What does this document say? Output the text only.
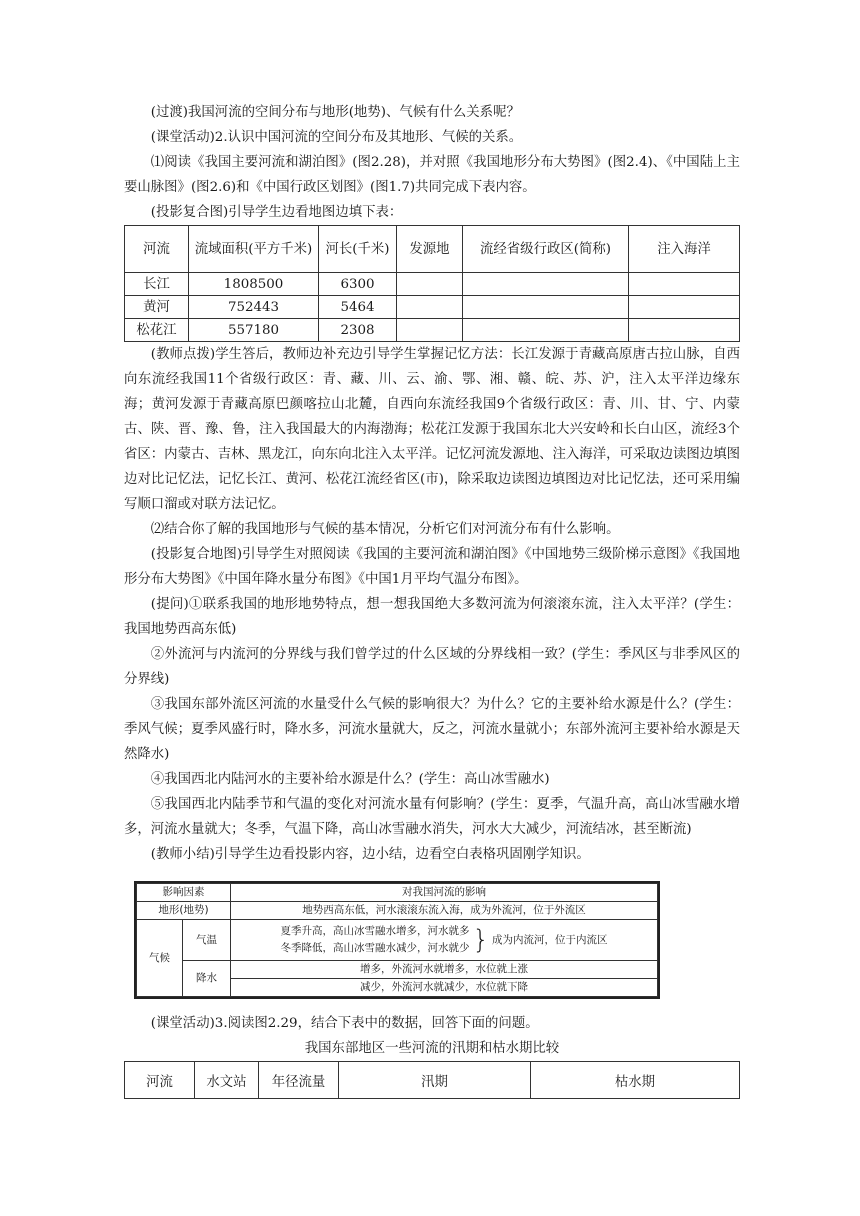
(过渡)我国河流的空间分布与地形(地势)、气候有什么关系呢？

(课堂活动)2.认识中国河流的空间分布及其地形、气候的关系。

⑴阅读《我国主要河流和湖泊图》(图2.28)，并对照《我国地形分布大势图》(图2.4)、《中国陆上主要山脉图》(图2.6)和《中国行政区划图》(图1.7)共同完成下表内容。

(投影复合图)引导学生边看地图边填下表：

河流	流域面积(平方千米)	河长(千米)	发源地	流经省级行政区(简称)	注入海洋
长江	1808500	6300			
黄河	752443	5464			
松花江	557180	2308			

(教师点拨)学生答后，教师边补充边引导学生掌握记忆方法：长江发源于青藏高原唐古拉山脉，自西向东流经我国11个省级行政区：青、藏、川、云、渝、鄂、湘、赣、皖、苏、沪，注入太平洋边缘东海；黄河发源于青藏高原巴颜喀拉山北麓，自西向东流经我国9个省级行政区：青、川、甘、宁、内蒙古、陕、晋、豫、鲁，注入我国最大的内海渤海；松花江发源于我国东北大兴安岭和长白山区，流经3个省区：内蒙古、吉林、黑龙江，向东向北注入太平洋。记忆河流发源地、注入海洋，可采取边读图边填图边对比记忆法，记忆长江、黄河、松花江流经省区(市)，除采取边读图边填图边对比记忆法，还可采用编写顺口溜或对联方法记忆。

⑵结合你了解的我国地形与气候的基本情况，分析它们对河流分布有什么影响。

(投影复合地图)引导学生对照阅读《我国的主要河流和湖泊图》《中国地势三级阶梯示意图》《我国地形分布大势图》《中国年降水量分布图》《中国1月平均气温分布图》。

(提问)①联系我国的地形地势特点，想一想我国绝大多数河流为何滚滚东流，注入太平洋？(学生：我国地势西高东低)

②外流河与内流河的分界线与我们曾学过的什么区域的分界线相一致？(学生：季风区与非季风区的分界线)

③我国东部外流区河流的水量受什么气候的影响很大？为什么？它的主要补给水源是什么？(学生：季风气候；夏季风盛行时，降水多，河流水量就大，反之，河流水量就小；东部外流河主要补给水源是天然降水)

④我国西北内陆河水的主要补给水源是什么？(学生：高山冰雪融水)

⑤我国西北内陆季节和气温的变化对河流水量有何影响？(学生：夏季，气温升高，高山冰雪融水增多，河流水量就大；冬季，气温下降，高山冰雪融水消失，河水大大减少，河流结冰，甚至断流)

(教师小结)引导学生边看投影内容，边小结，边看空白表格巩固刚学知识。

影响因素		对我国河流的影响
地形(地势)		地势西高东低，河水滚滚东流入海，成为外流河，位于外流区
气候	气温	夏季升高，高山冰雪融水增多，河水就多
冬季降低，高山冰雪融水减少，河水就少 } 成为内流河，位于内流区

	降水	增多，外流河水就增多，水位就上涨
		减少，外流河水就减少，水位就下降

(课堂活动)3.阅读图2.29，结合下表中的数据，回答下面的问题。

我国东部地区一些河流的汛期和枯水期比较
河流	水文站	年径流量	汛期	枯水期
